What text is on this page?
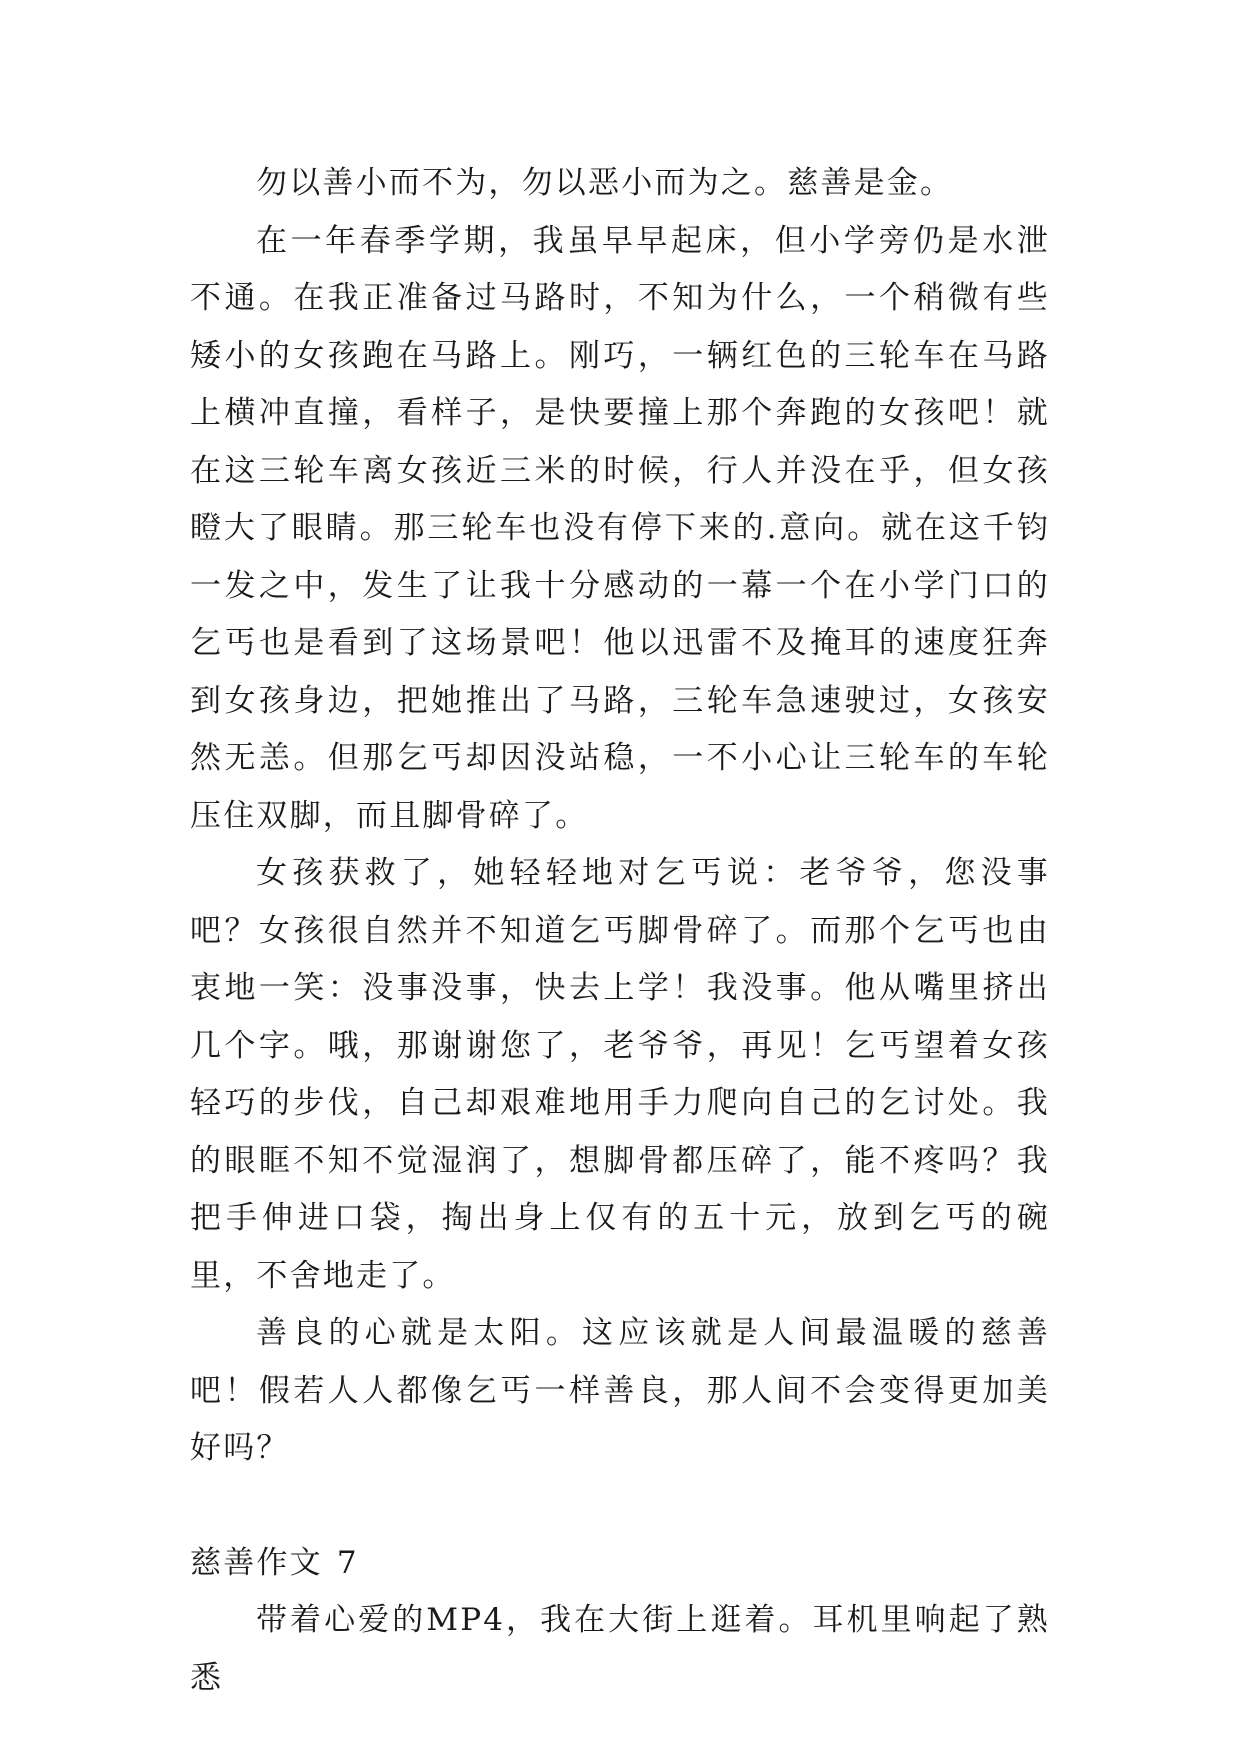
勿以善小而不为，勿以恶小而为之。慈善是金。

在一年春季学期，我虽早早起床，但小学旁仍是水泄不通。在我正准备过马路时，不知为什么，一个稍微有些矮小的女孩跑在马路上。刚巧，一辆红色的三轮车在马路上横冲直撞，看样子，是快要撞上那个奔跑的女孩吧！就在这三轮车离女孩近三米的时候，行人并没在乎，但女孩瞪大了眼睛。那三轮车也没有停下来的.意向。就在这千钧一发之中，发生了让我十分感动的一幕一个在小学门口的乞丐也是看到了这场景吧！他以迅雷不及掩耳的速度狂奔到女孩身边，把她推出了马路，三轮车急速驶过，女孩安然无恙。但那乞丐却因没站稳，一不小心让三轮车的车轮压住双脚，而且脚骨碎了。

女孩获救了，她轻轻地对乞丐说：老爷爷，您没事吧？女孩很自然并不知道乞丐脚骨碎了。而那个乞丐也由衷地一笑：没事没事，快去上学！我没事。他从嘴里挤出几个字。哦，那谢谢您了，老爷爷，再见！乞丐望着女孩轻巧的步伐，自己却艰难地用手力爬向自己的乞讨处。我的眼眶不知不觉湿润了，想脚骨都压碎了，能不疼吗？我把手伸进口袋，掏出身上仅有的五十元，放到乞丐的碗里，不舍地走了。

善良的心就是太阳。这应该就是人间最温暖的慈善吧！假若人人都像乞丐一样善良，那人间不会变得更加美好吗？

慈善作文 7

带着心爱的MP4，我在大街上逛着。耳机里响起了熟悉
